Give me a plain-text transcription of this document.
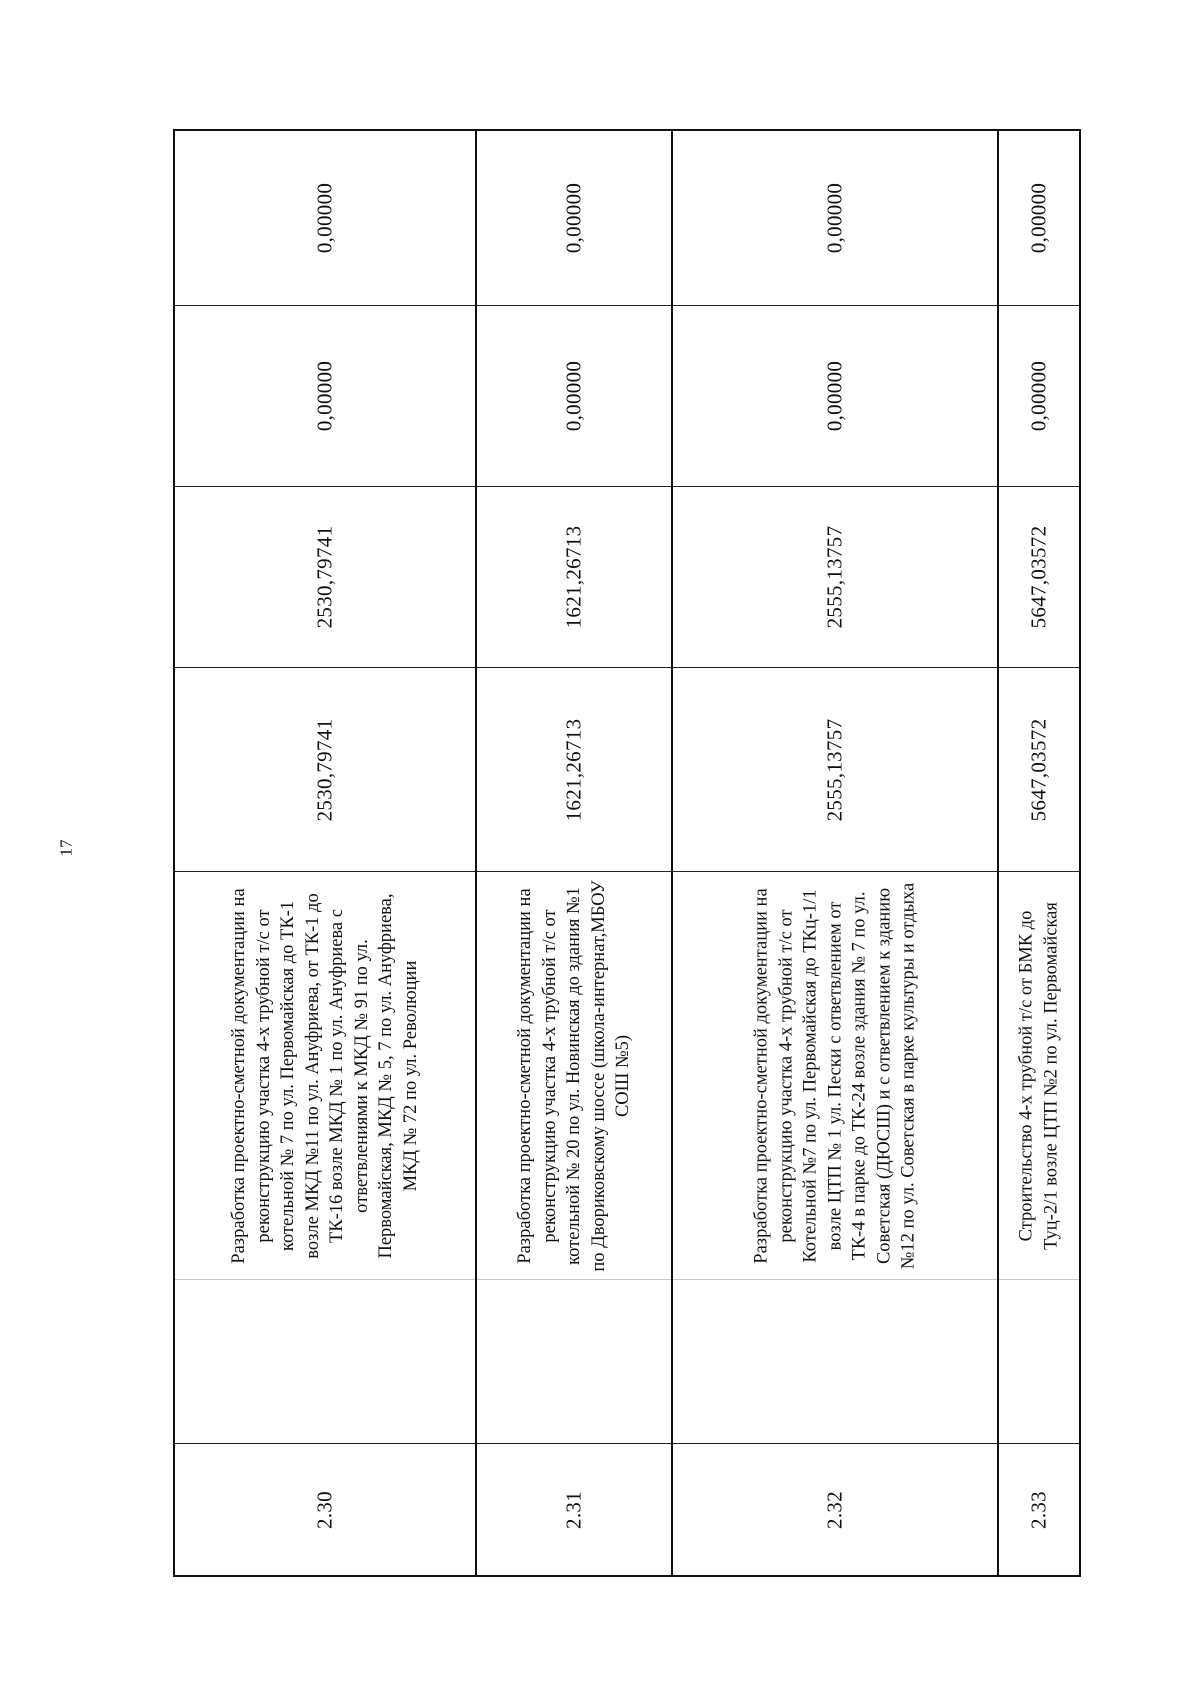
17
0,00000
0,00000
2530,79741
2530,79741
Разработка проектно-сметной документации на реконструкцию участка 4-х трубной т/с от котельной № 7 по ул. Первомайская до ТК-1 возле МКД №11 по ул. Ануфриева, от ТК-1 до ТК-16 возле МКД № 1 по ул. Ануфриева с ответвлениями к МКД № 91 по ул. Первомайская, МКД № 5, 7 по ул. Ануфриева, МКД № 72 по ул. Революции
2.30
0,00000
0,00000
1621,26713
1621,26713
Разработка проектно-сметной документации на реконструкцию участка 4-х трубной т/с от котельной № 20 по ул. Новинская до здания №1 по Двориковскому шоссе (школа-интернат,МБОУ СОШ №5)
2.31
0,00000
0,00000
2555,13757
2555,13757
Разработка проектно-сметной документации на реконструкцию участка 4-х трубной т/с от Котельной №7 по ул. Первомайская до ТКц-1/1 возле ЦТП № 1 ул. Пески с ответвлением от ТК-4 в парке до ТК-24 возле здания № 7 по ул. Советская (ДЮСШ) и с ответвлением к зданию №12 по ул. Советская в парке культуры и отдыха
2.32
0,00000
0,00000
5647,03572
5647,03572
Строительство 4-х трубной т/с от БМК до Туц-2/1 возле ЦТП №2 по ул. Первомайская
2.33
